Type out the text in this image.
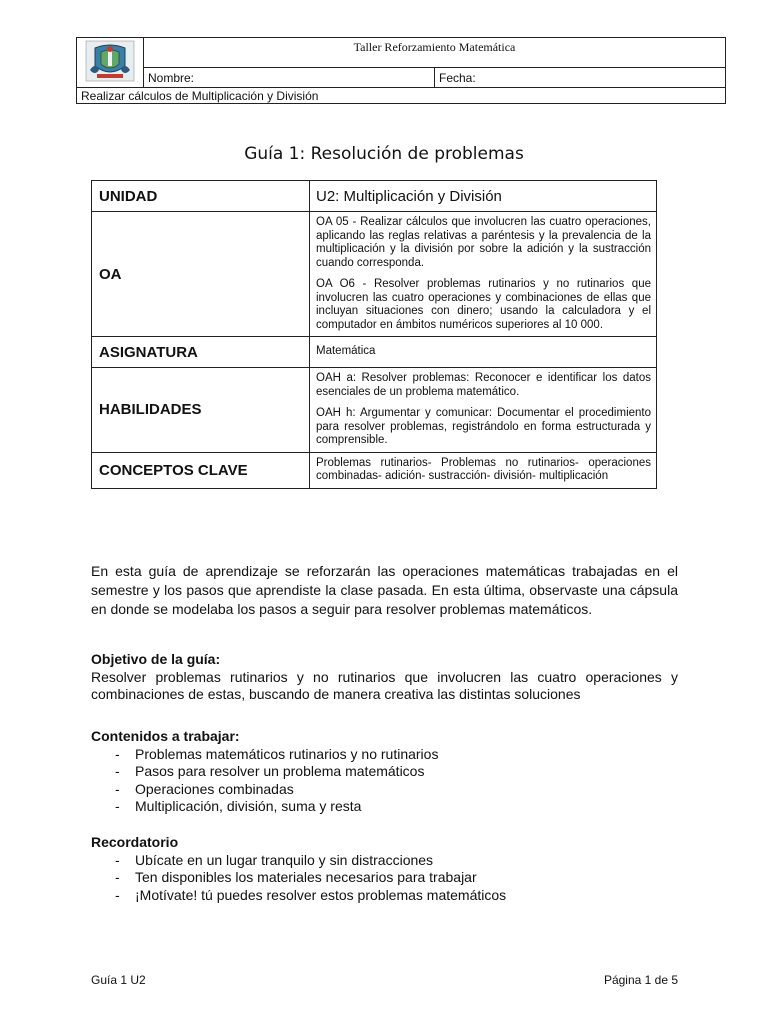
	Taller Reforzamiento Matemática	
	Nombre:	Fecha:
Realizar cálculos de Multiplicación y División		
Guía 1: Resolución de problemas
UNIDAD	U2: Multiplicación y División
OA	OA 05 - Realizar cálculos que involucren las cuatro operaciones, aplicando las reglas relativas a paréntesis y la prevalencia de la multiplicación y la división por sobre la adición y la sustracción cuando corresponda.

OA O6 - Resolver problemas rutinarios y no rutinarios que involucren las cuatro operaciones y combinaciones de ellas que incluyan situaciones con dinero; usando la calculadora y el computador en ámbitos numéricos superiores al 10 000.

ASIGNATURA	Matemática
HABILIDADES	OAH a: Resolver problemas: Reconocer e identificar los datos esenciales de un problema matemático.

OAH h: Argumentar y comunicar: Documentar el procedimiento para resolver problemas, registrándolo en forma estructurada y comprensible.

CONCEPTOS CLAVE	Problemas rutinarios- Problemas no rutinarios- operaciones combinadas- adición- sustracción- división- multiplicación
En esta guía de aprendizaje se reforzarán las operaciones matemáticas trabajadas en el semestre y los pasos que aprendiste la clase pasada. En esta última, observaste una cápsula en donde se modelaba los pasos a seguir para resolver problemas matemáticos.
Objetivo de la guía:
Resolver problemas rutinarios y no rutinarios que involucren las cuatro operaciones y combinaciones de estas, buscando de manera creativa las distintas soluciones
Contenidos a trabajar:
- Problemas matemáticos rutinarios y no rutinarios
- Pasos para resolver un problema matemáticos
- Operaciones combinadas
- Multiplicación, división, suma y resta
Recordatorio
- Ubícate en un lugar tranquilo y sin distracciones
- Ten disponibles los materiales necesarios para trabajar
- ¡Motívate! tú puedes resolver estos problemas matemáticos
Guía 1 U2	Página 1 de 5
